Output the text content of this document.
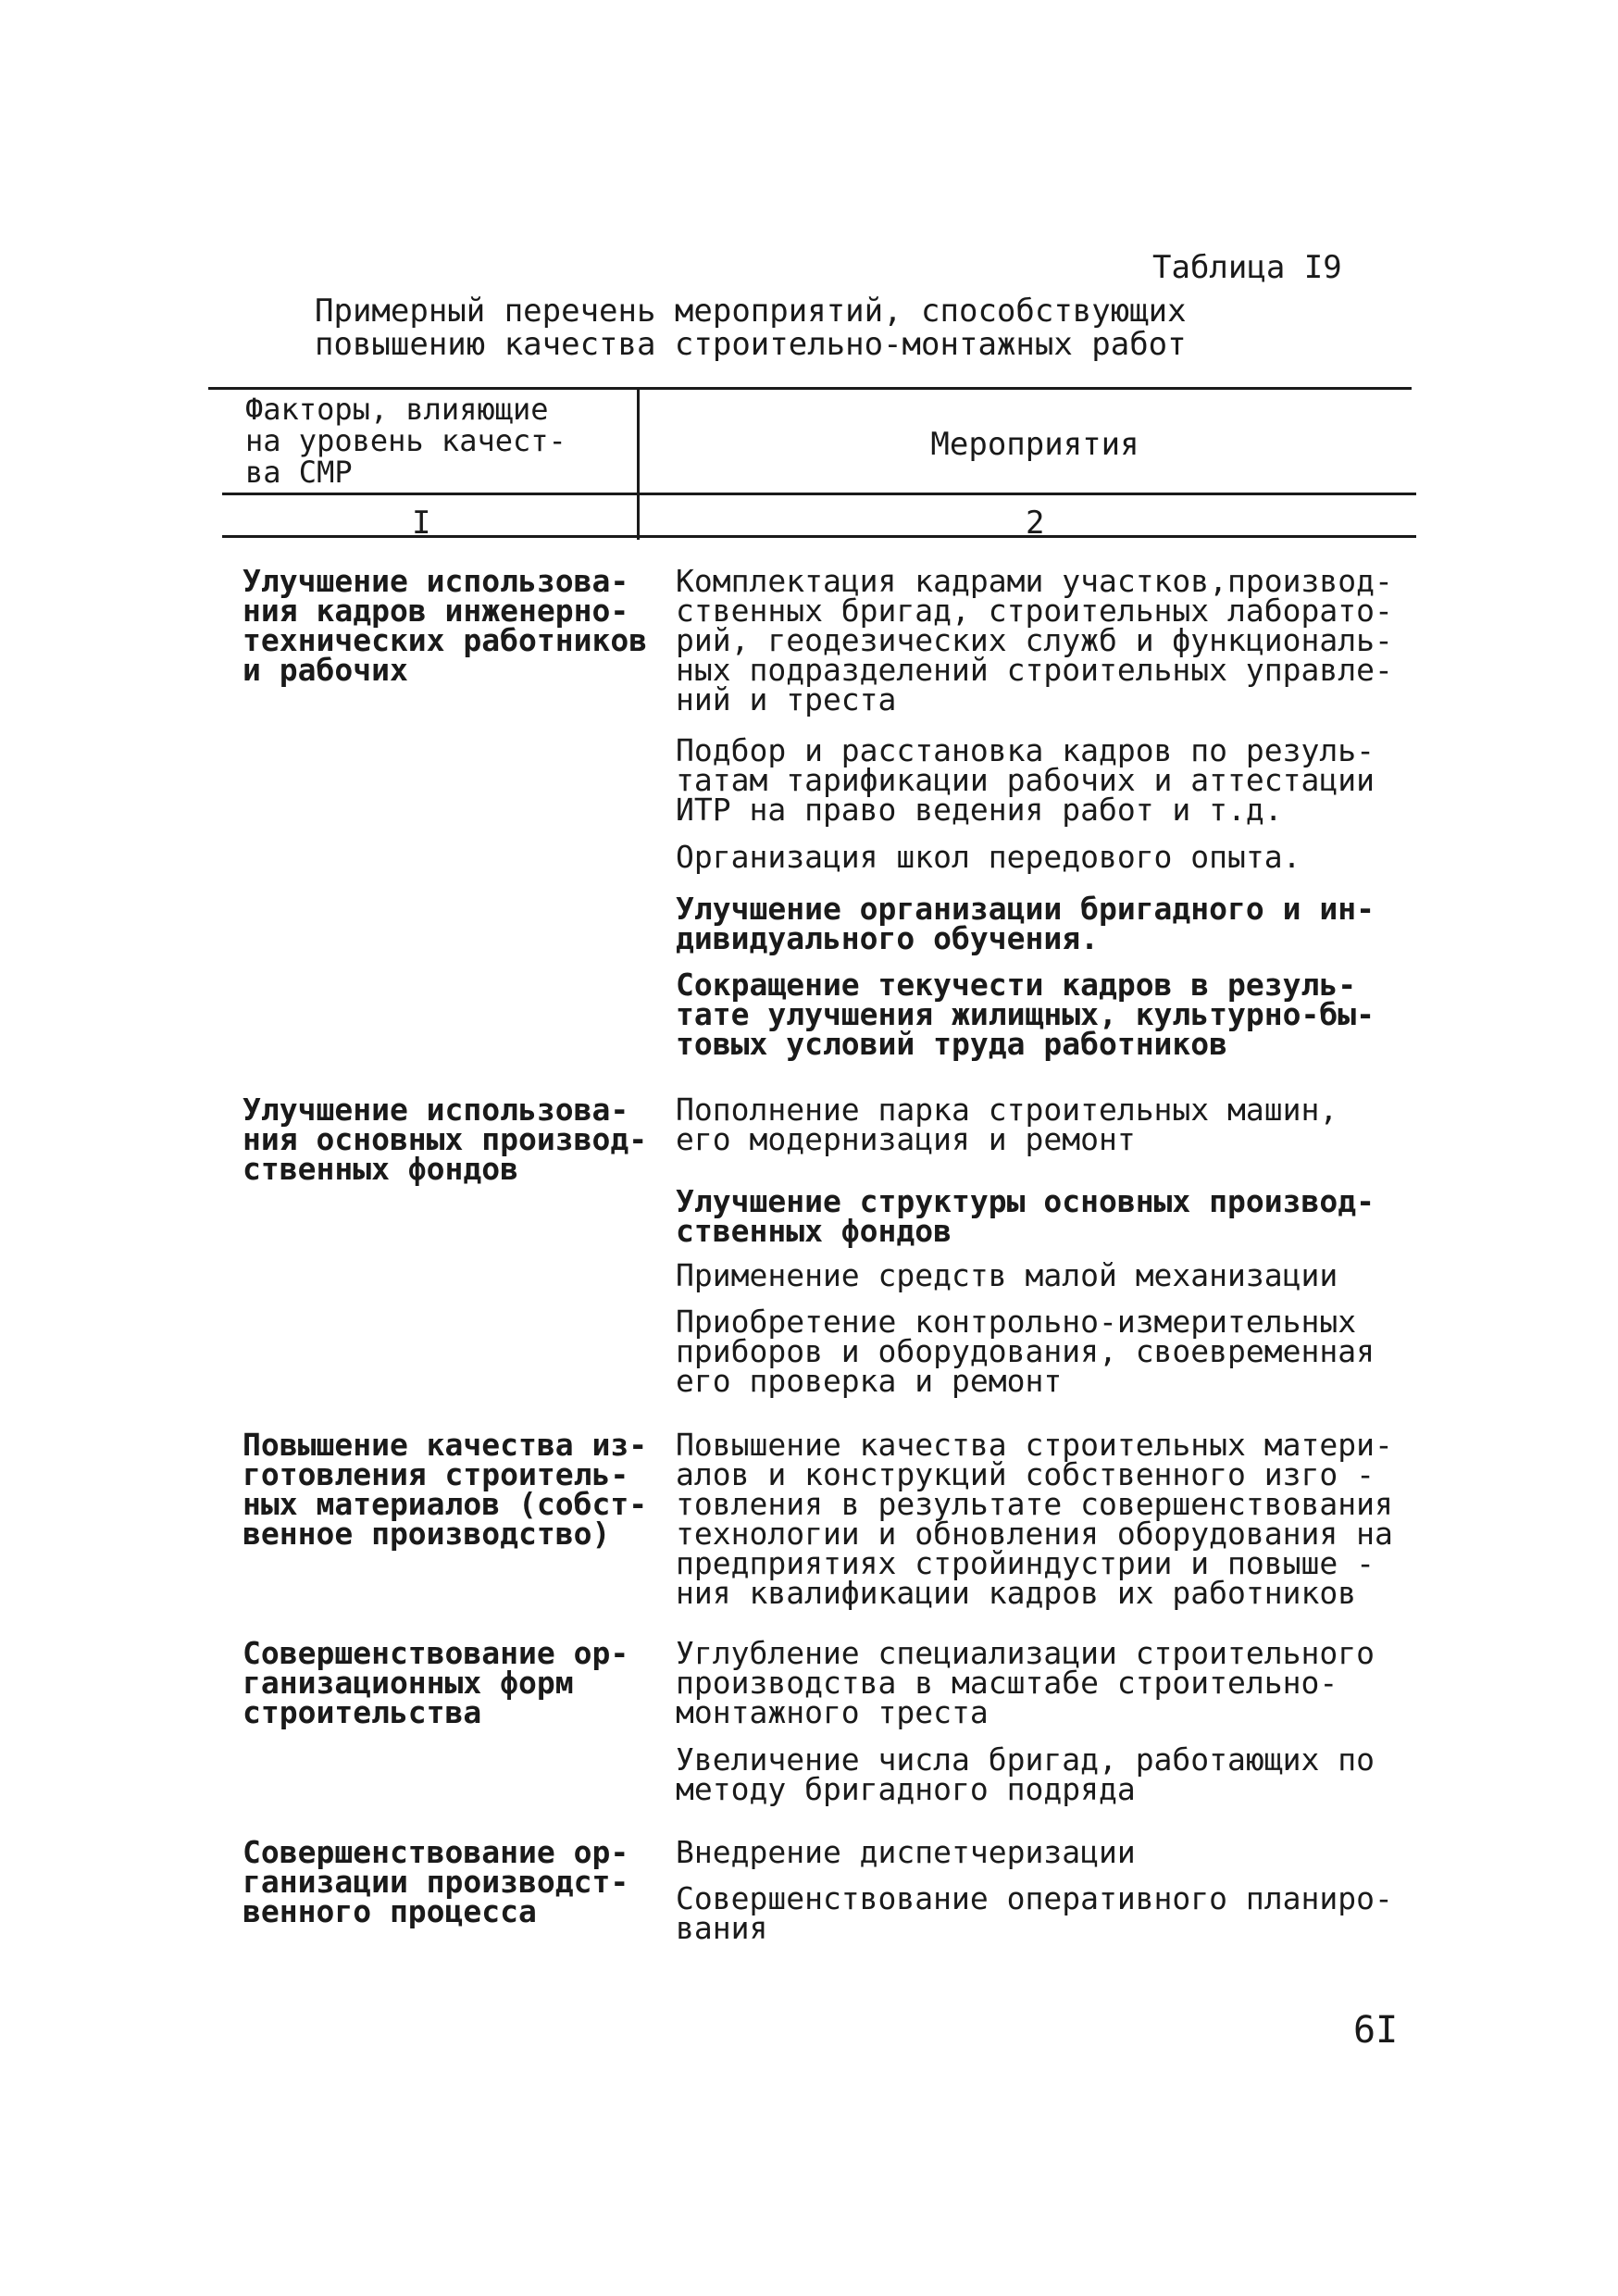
Таблица I9
Примерный перечень мероприятий, способствующих
повышению качества строительно-монтажных работ
Факторы, влияющие
на уровень качест-
ва СМР
Мероприятия
I	2
Улучшение использова-
ния кадров инженерно-
технических работников
и рабочих
Комплектация кадрами участков,производ-
ственных бригад, строительных лаборато-
рий, геодезических служб и функциональ-
ных подразделений строительных управле-
ний и треста
Подбор и расстановка кадров по резуль-
татам тарификации рабочих и аттестации
ИТР на право ведения работ и т.д.
Организация школ передового опыта.
Улучшение организации бригадного и ин-
дивидуального обучения.
Сокращение текучести кадров в резуль-
тате улучшения жилищных, культурно-бы-
товых условий труда работников
Улучшение использова-
ния основных производ-
ственных фондов
Пополнение парка строительных машин,
его модернизация и ремонт
Улучшение структуры основных производ-
ственных фондов
Применение средств малой механизации
Приобретение контрольно-измерительных
приборов и оборудования, своевременная
его проверка и ремонт
Повышение качества из-
готовления строитель-
ных материалов (собст-
венное производство)
Повышение качества строительных матери-
алов и конструкций собственного изго -
товления в результате совершенствования
технологии и обновления оборудования на
предприятиях стройиндустрии и повыше -
ния квалификации кадров их работников
Совершенствование ор-
ганизационных форм
строительства
Углубление специализации строительного
производства в масштабе строительно-
монтажного треста
Увеличение числа бригад, работающих по
методу бригадного подряда
Совершенствование ор-
ганизации производст-
венного процесса
Внедрение диспетчеризации
Совершенствование оперативного планиро-
вания
6I
